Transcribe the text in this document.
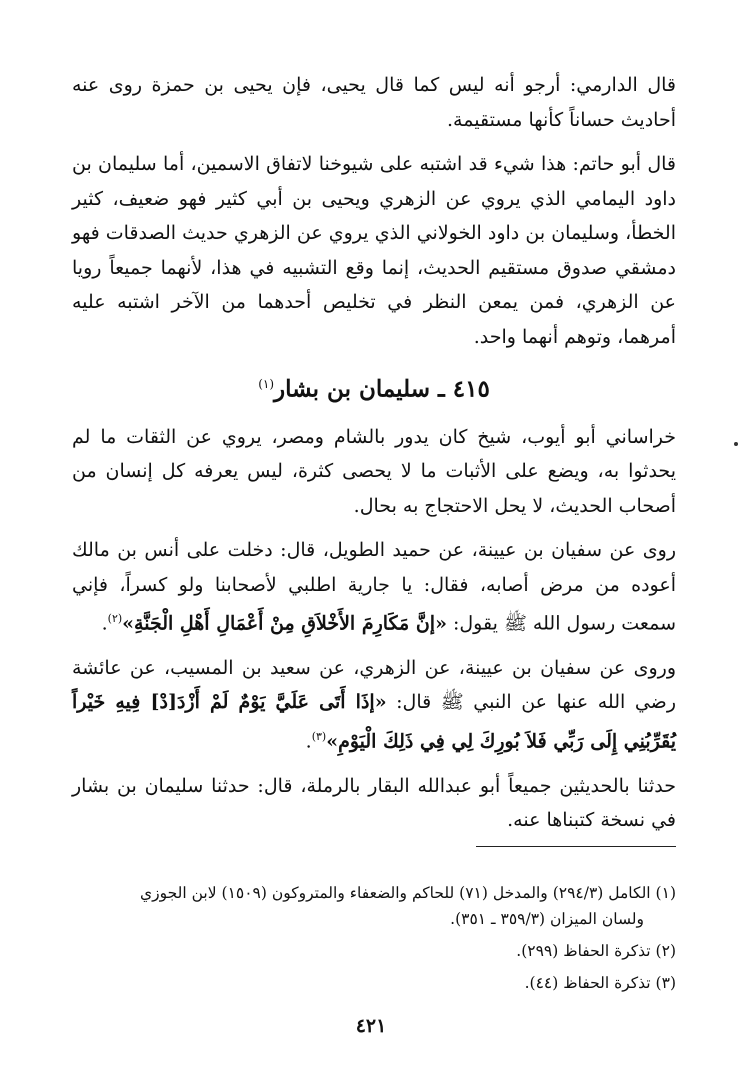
قال الدارمي: أرجو أنه ليس كما قال يحيى، فإن يحيى بن حمزة روى عنه أحاديث حساناً كأنها مستقيمة.

قال أبو حاتم: هذا شيء قد اشتبه على شيوخنا لاتفاق الاسمين، أما سليمان بن داود اليمامي الذي يروي عن الزهري ويحيى بن أبي كثير فهو ضعيف، كثير الخطأ، وسليمان بن داود الخولاني الذي يروي عن الزهري حديث الصدقات فهو دمشقي صدوق مستقيم الحديث، إنما وقع التشبيه في هذا، لأنهما جميعاً رويا عن الزهري، فمن يمعن النظر في تخليص أحدهما من الآخر اشتبه عليه أمرهما، وتوهم أنهما واحد.

٤١٥ ـ سليمان بن بشار$^{(١)}$

خراساني أبو أيوب، شيخ كان يدور بالشام ومصر، يروي عن الثقات ما لم يحدثوا به، ويضع على الأثبات ما لا يحصى كثرة، ليس يعرفه كل إنسان من أصحاب الحديث، لا يحل الاحتجاج به بحال.

روى عن سفيان بن عيينة، عن حميد الطويل، قال: دخلت على أنس بن مالك أعوده من مرض أصابه، فقال: يا جارية اطلبي لأصحابنا ولو كسراً، فإني سمعت رسول الله ﷺ يقول: «إنَّ مَكَارِمَ الأَخْلاَقِ مِنْ أَعْمَالِ أَهْلِ الْجَنَّةِ»$^{(٢)}$.

وروى عن سفيان بن عيينة، عن الزهري، عن سعيد بن المسيب، عن عائشة رضي الله عنها عن النبي ﷺ قال: «إذَا أَتَى عَلَيَّ يَوْمٌ لَمْ أَزْدَ[دْ] فِيهِ خَيْراً يُقَرِّبُنِي إِلَى رَبِّي فَلاَ بُورِكَ لِي فِي ذَلِكَ الْيَوْمِ»$^{(٣)}$.

حدثنا بالحديثين جميعاً أبو عبدالله البقار بالرملة، قال: حدثنا سليمان بن بشار في نسخة كتبناها عنه.

(١) الكامل (٢٩٤/٣) والمدخل (٧١) للحاكم والضعفاء والمتروكون (١٥٠٩) لابن الجوزي
ولسان الميزان (٣٥٩/٣ ـ ٣٥١).
(٢) تذكرة الحفاظ (٢٩٩).
(٣) تذكرة الحفاظ (٤٤).
٤٢١
